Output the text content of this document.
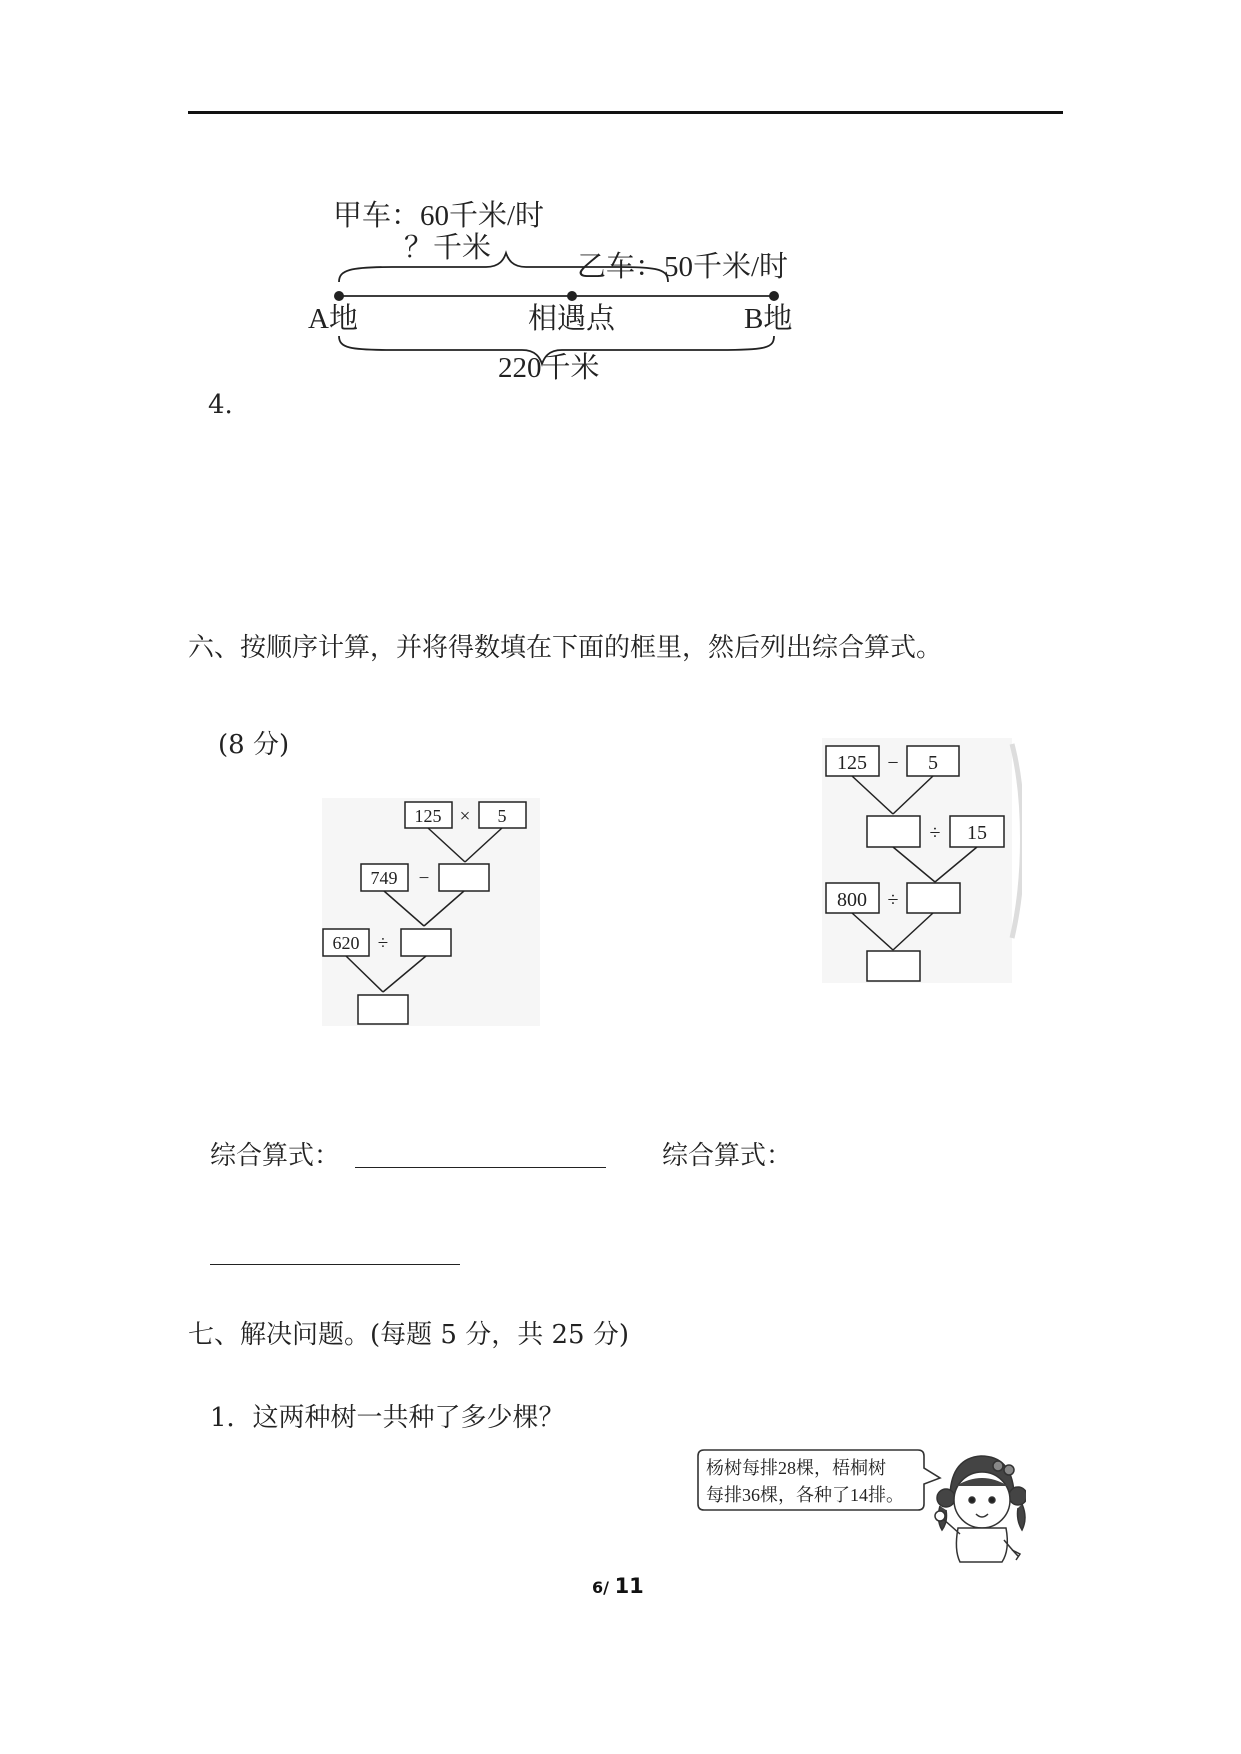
甲车：60千米/时
？千米
乙车：50千米/时
A地	相遇点	B地
220千米
4.
六、按顺序计算，并将得数填在下面的框里，然后列出综合算式。
(8 分)
125 × 5
749 −
620 ÷
125 − 5
÷ 15
800 ÷
综合算式：	综合算式：
七、解决问题。(每题 5 分，共 25 分)
1．这两种树一共种了多少棵？
杨树每排28棵，梧桐树
每排36棵，各种了14排。
6/ 11
